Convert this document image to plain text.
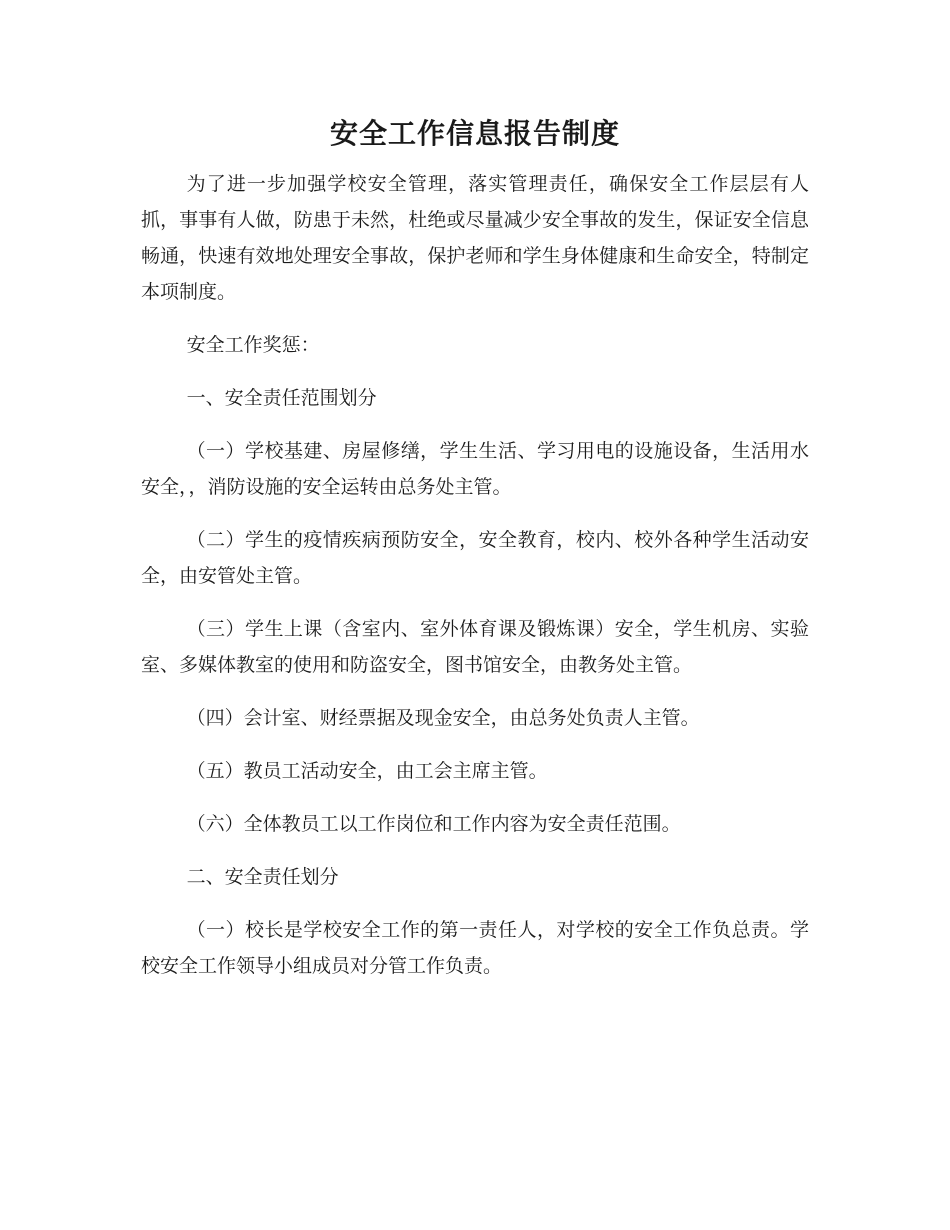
安全工作信息报告制度

为了进一步加强学校安全管理，落实管理责任，确保安全工作层层有人抓，事事有人做，防患于未然，杜绝或尽量减少安全事故的发生，保证安全信息畅通，快速有效地处理安全事故，保护老师和学生身体健康和生命安全，特制定本项制度。

安全工作奖惩：

一、安全责任范围划分

（一）学校基建、房屋修缮，学生生活、学习用电的设施设备，生活用水安全，，消防设施的安全运转由总务处主管。

（二）学生的疫情疾病预防安全，安全教育，校内、校外各种学生活动安全，由安管处主管。

（三）学生上课（含室内、室外体育课及锻炼课）安全，学生机房、实验室、多媒体教室的使用和防盗安全，图书馆安全，由教务处主管。

（四）会计室、财经票据及现金安全，由总务处负责人主管。

（五）教员工活动安全，由工会主席主管。

（六）全体教员工以工作岗位和工作内容为安全责任范围。

二、安全责任划分

（一）校长是学校安全工作的第一责任人，对学校的安全工作负总责。学校安全工作领导小组成员对分管工作负责。
